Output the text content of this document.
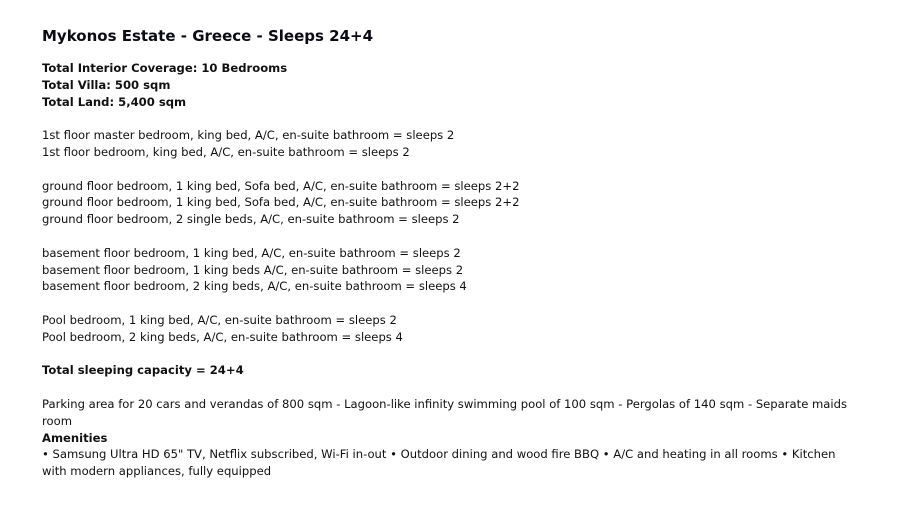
Mykonos Estate - Greece - Sleeps 24+4
Total Interior Coverage: 10 Bedrooms
Total Villa: 500 sqm
Total Land: 5,400 sqm
1st floor master bedroom, king bed, A/C, en-suite bathroom = sleeps 2
1st floor bedroom, king bed, A/C, en-suite bathroom = sleeps 2
ground floor bedroom, 1 king bed, Sofa bed, A/C, en-suite bathroom = sleeps 2+2
ground floor bedroom, 1 king bed, Sofa bed, A/C, en-suite bathroom = sleeps 2+2
ground floor bedroom, 2 single beds, A/C, en-suite bathroom = sleeps 2
basement floor bedroom, 1 king bed, A/C, en-suite bathroom = sleeps 2
basement floor bedroom, 1 king beds A/C, en-suite bathroom = sleeps 2
basement floor bedroom, 2 king beds, A/C, en-suite bathroom = sleeps 4
Pool bedroom, 1 king bed, A/C, en-suite bathroom = sleeps 2
Pool bedroom, 2 king beds, A/C, en-suite bathroom = sleeps 4
Total sleeping capacity = 24+4
Parking area for 20 cars and verandas of 800 sqm - Lagoon-like infinity swimming pool of 100 sqm - Pergolas of 140 sqm - Separate maids room
Amenities
• Samsung Ultra HD 65" TV, Netflix subscribed, Wi-Fi in-out • Outdoor dining and wood fire BBQ • A/C and heating in all rooms • Kitchen with modern appliances, fully equipped
